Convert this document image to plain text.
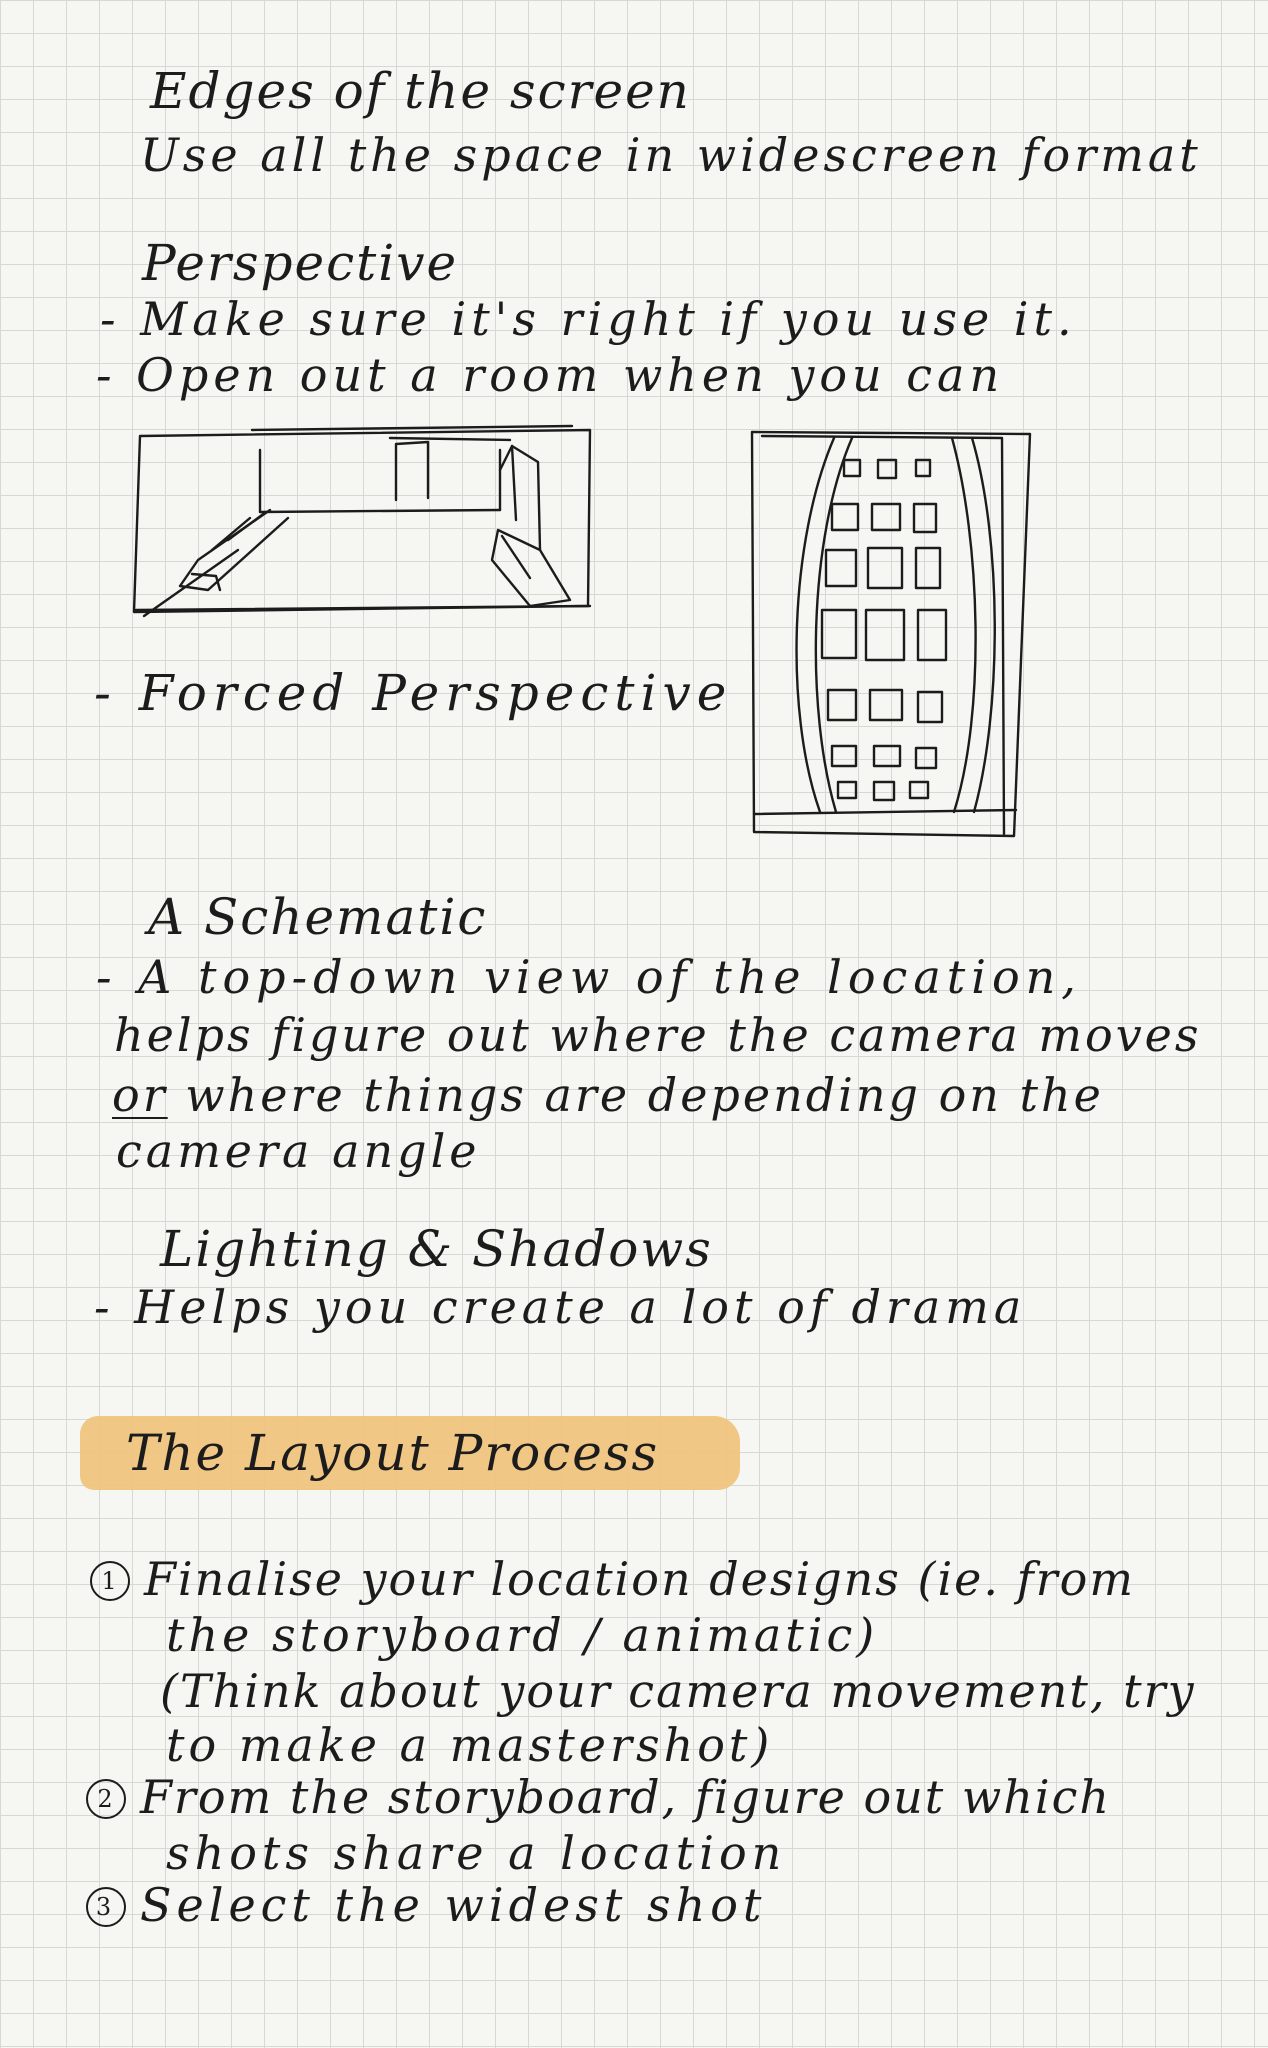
Edges of the screen
Use all the space in widescreen format
Perspective
- Make sure it's right if you use it.
- Open out a room when you can
- Forced Perspective
A Schematic
- A top-down view of the location,
helps figure out where the camera moves
or where things are depending on the
camera angle
Lighting & Shadows
- Helps you create a lot of drama
The Layout Process
1 Finalise your location designs (ie. from
the storyboard / animatic)
(Think about your camera movement, try
to make a mastershot)
2 From the storyboard, figure out which
shots share a location
3 Select the widest shot
